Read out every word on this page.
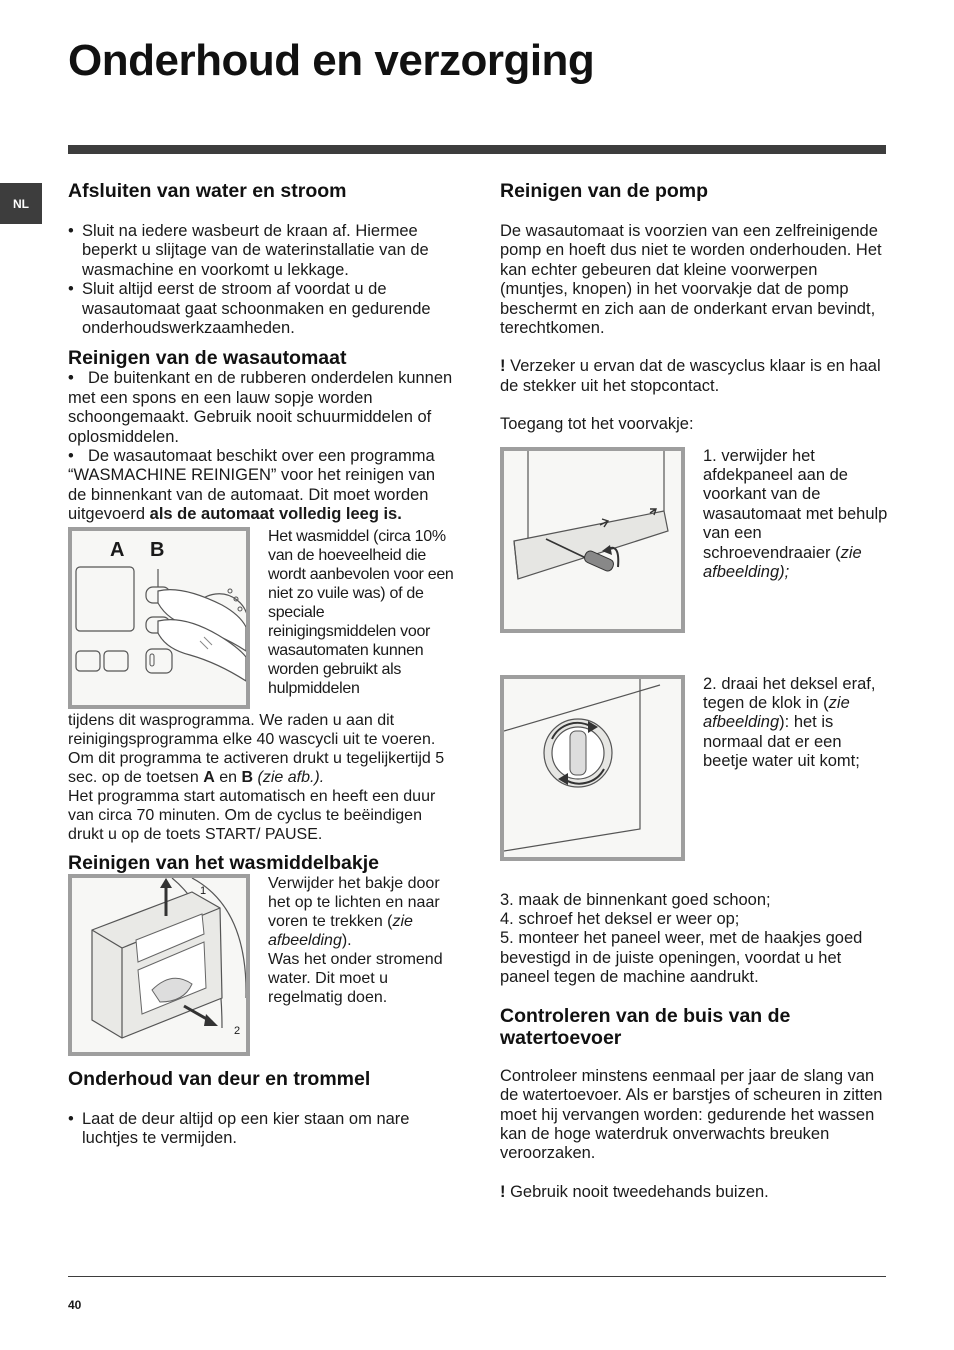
Onderhoud en verzorging
NL
Afsluiten van water en stroom

• Sluit na iedere wasbeurt de kraan af. Hiermee beperkt u slijtage van de waterinstallatie van de wasmachine en voorkomt u lekkage.

• Sluit altijd eerst de stroom af voordat u de wasautomaat gaat schoonmaken en gedurende onderhoudswerkzaamheden.

Reinigen van de wasautomaat

• • De buitenkant en de rubberen onderdelen kunnen met een spons en een lauw sopje worden schoongemaakt. Gebruik nooit schuurmiddelen of oplosmiddelen.

• De wasautomaat beschikt over een programma “WASMACHINE REINIGEN” voor het reinigen van de binnenkant van de automaat. Dit moet worden uitgevoerd als de automaat volledig leeg is.

A B

Het wasmiddel (circa 10% van de hoeveelheid die wordt aanbevolen voor een niet zo vuile was) of de speciale reinigingsmiddelen voor wasautomaten kunnen worden gebruikt als hulpmiddelen

tijdens dit wasprogramma. We raden u aan dit reinigingsprogramma elke 40 wascycli uit te voeren.

Om dit programma te activeren drukt u tegelijkertijd 5 sec. op de toetsen A en B (zie afb.).

Het programma start automatisch en heeft een duur van circa 70 minuten. Om de cyclus te beëindigen drukt u op de toets START/ PAUSE.

Reinigen van het wasmiddelbakje
1
2

Verwijder het bakje door het op te lichten en naar voren te trekken (zie afbeelding).

Was het onder stromend water. Dit moet u regelmatig doen.

Onderhoud van deur en trommel

• Laat de deur altijd op een kier staan om nare luchtjes te vermijden.

Reinigen van de pomp

De wasautomaat is voorzien van een zelfreinigende pomp en hoeft dus niet te worden onderhouden. Het kan echter gebeuren dat kleine voorwerpen (muntjes, knopen) in het voorvakje dat de pomp beschermt en zich aan de onderkant ervan bevindt, terechtkomen.

! Verzeker u ervan dat de wascyclus klaar is en haal de stekker uit het stopcontact.

Toegang tot het voorvakje:

1. verwijder het afdekpaneel aan de voorkant van de wasautomaat met behulp van een schroevendraaier (zie afbeelding);

2. draai het deksel eraf, tegen de klok in (zie afbeelding): het is normaal dat er een beetje water uit komt;

3. maak de binnenkant goed schoon;

4. schroef het deksel er weer op;

5. monteer het paneel weer, met de haakjes goed bevestigd in de juiste openingen, voordat u het paneel tegen de machine aandrukt.

Controleren van de buis van de watertoevoer

Controleer minstens eenmaal per jaar de slang van de watertoevoer. Als er barstjes of scheuren in zitten moet hij vervangen worden: gedurende het wassen kan de hoge waterdruk onverwachts breuken veroorzaken.

! Gebruik nooit tweedehands buizen.

40
